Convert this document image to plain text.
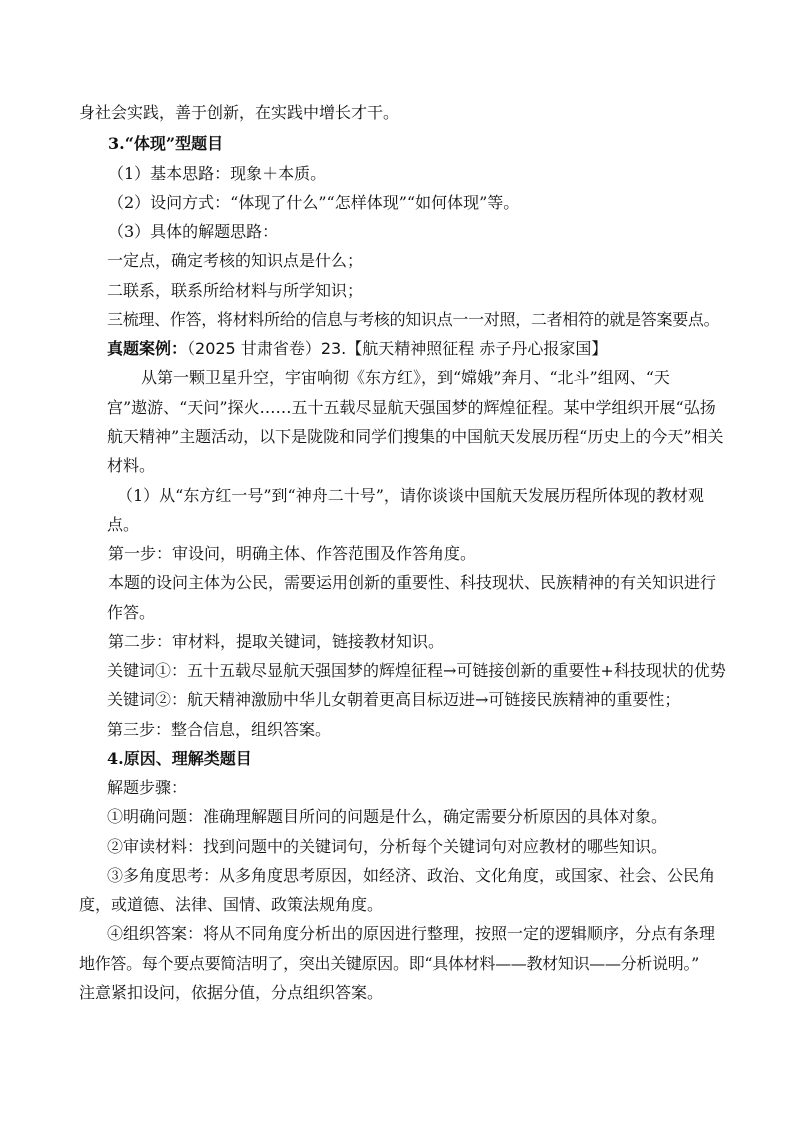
身社会实践，善于创新，在实践中增长才干。
3.“体现”型题目
（1）基本思路：现象＋本质。
（2）设问方式：“体现了什么”“怎样体现”“如何体现”等。
（3）具体的解题思路：
一定点，确定考核的知识点是什么；
二联系，联系所给材料与所学知识；
三梳理、作答，将材料所给的信息与考核的知识点一一对照，二者相符的就是答案要点。
真题案例：（2025 甘肃省卷）23.【航天精神照征程 赤子丹心报家国】
从第一颗卫星升空，宇宙响彻《东方红》，到“嫦娥”奔月、“北斗”组网、“天
宫”遨游、“天问”探火……五十五载尽显航天强国梦的辉煌征程。某中学组织开展“弘扬
航天精神”主题活动，以下是陇陇和同学们搜集的中国航天发展历程“历史上的今天”相关
材料。
（1）从“东方红一号”到“神舟二十号”，请你谈谈中国航天发展历程所体现的教材观
点。
第一步：审设问，明确主体、作答范围及作答角度。
本题的设问主体为公民，需要运用创新的重要性、科技现状、民族精神的有关知识进行
作答。
第二步：审材料，提取关键词，链接教材知识。
关键词①：五十五载尽显航天强国梦的辉煌征程→可链接创新的重要性+科技现状的优势
关键词②：航天精神激励中华儿女朝着更高目标迈进→可链接民族精神的重要性；
第三步：整合信息，组织答案。
4.原因、理解类题目
解题步骤：
①明确问题：准确理解题目所问的问题是什么，确定需要分析原因的具体对象。
②审读材料：找到问题中的关键词句，分析每个关键词句对应教材的哪些知识。
③多角度思考：从多角度思考原因，如经济、政治、文化角度，或国家、社会、公民角
度，或道德、法律、国情、政策法规角度。
④组织答案：将从不同角度分析出的原因进行整理，按照一定的逻辑顺序，分点有条理
地作答。每个要点要简洁明了，突出关键原因。即“具体材料——教材知识——分析说明。”
注意紧扣设问，依据分值，分点组织答案。
